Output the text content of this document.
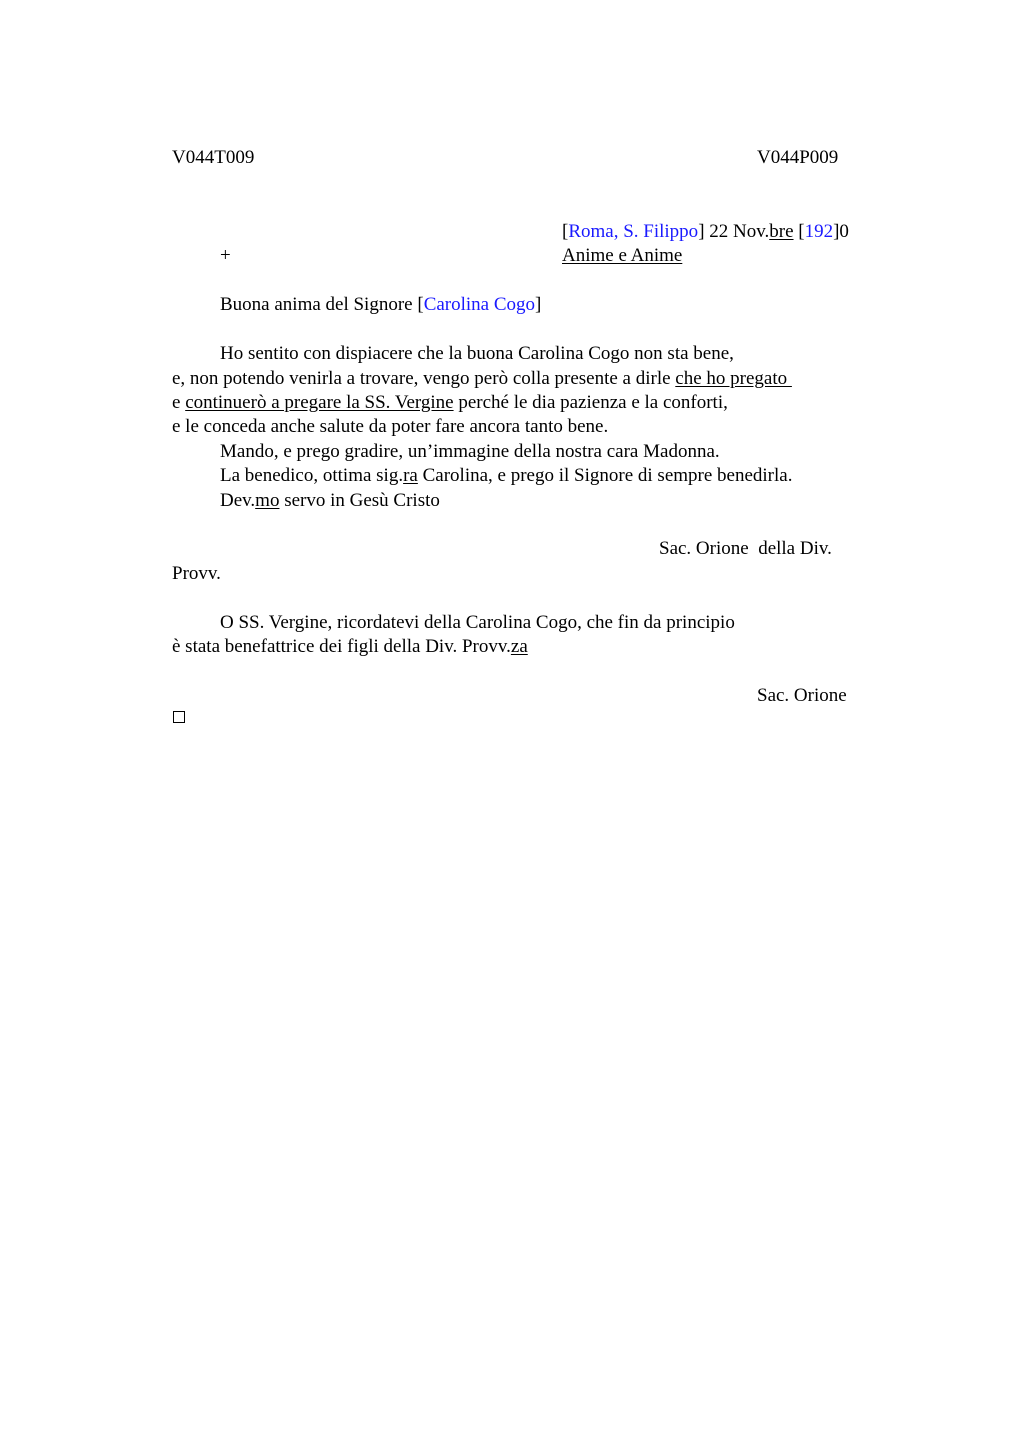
V044T009	V044P009
[Roma, S. Filippo] 22 Nov.bre [192]0
+	Anime e Anime
Buona anima del Signore [Carolina Cogo]
Ho sentito con dispiacere che la buona Carolina Cogo non sta bene,
e, non potendo venirla a trovare, vengo però colla presente a dirle che ho pregato
e continuerò a pregare la SS. Vergine perché le dia pazienza e la conforti,
e le conceda anche salute da poter fare ancora tanto bene.
Mando, e prego gradire, un’immagine della nostra cara Madonna.
La benedico, ottima sig.ra Carolina, e prego il Signore di sempre benedirla.
Dev.mo servo in Gesù Cristo
Sac. Orione  della Div.
Provv.
O SS. Vergine, ricordatevi della Carolina Cogo, che fin da principio
è stata benefattrice dei figli della Div. Provv.za
Sac. Orione
